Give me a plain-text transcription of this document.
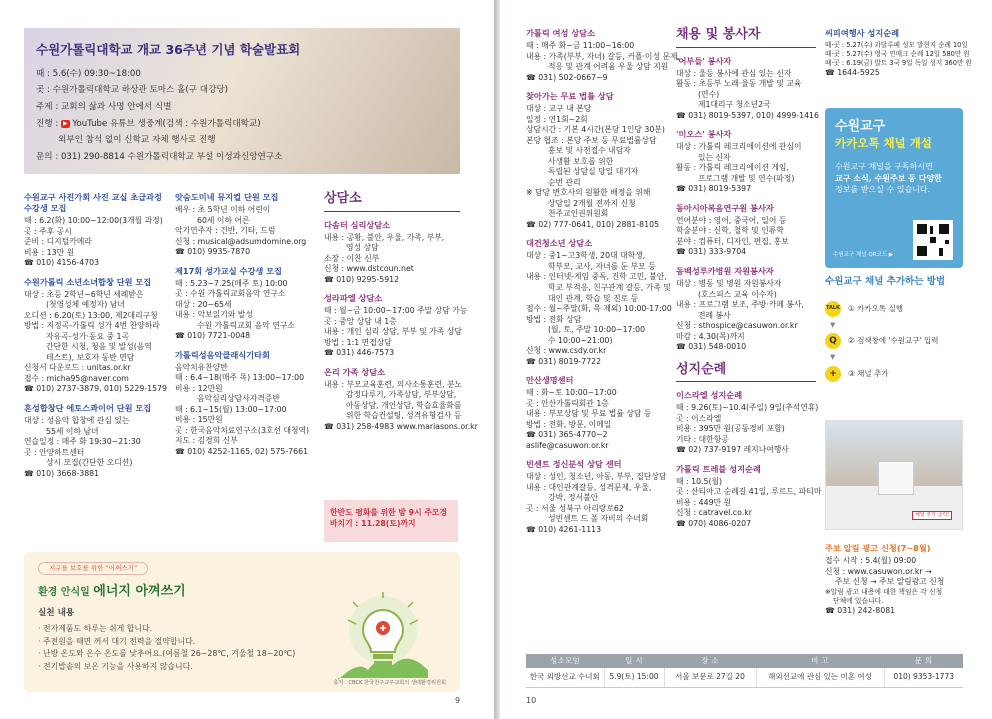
수원가톨릭대학교 개교 36주년 기념 학술발표회
때 : 5.6(수) 09:30~18:00
곳 : 수원가톨릭대학교 하상관 토마스 홀(구 대강당)
주제 : 교회의 삶과 사명 안에서 식별
진행 : ▶ YouTube 유튜브 생중계(검색 : 수원가톨릭대학교)
외부인 참석 없이 신학교 자체 행사로 진행
문의 : 031) 290-8814 수원가톨릭대학교 부설 이성과신앙연구소
수원교구 사진가회 사진 교실 초급과정 수강생 모집
때 : 6.2(화) 10:00~12:00(3개월 과정)
곳 : 주후 공시
준비 : 디지털카메라
비용 : 13만 원
☎ 010) 4156-4703
수원가톨릭 소년소녀합창 단원 모집
대상 : 초등 2학년~6학년 세례받은
(첫영성체 예정자) 남녀
오디션 : 6.20(토) 13:00, 제2대리구청
방법 : 지정곡-가톨릭 성가 4번 찬양하라
자유곡-성가·동요 중 1곡
간단한 시청, 청음 및 발성(음역
테스트), 보호자 동반 면담
신청서 다운로드 : unitas.or.kr
접수 : micha95@naver.com
☎ 010) 2737-3879, 010) 5229-1579
혼성합창단 에토스콰이어 단원 모집
대상 : 성음악 합창에 관심 있는
55세 이하 남녀
연습일정 : 매주 화 19:30~21:30
곳 : 안양하트센터
상시 모집(간단한 오디션)
☎ 010) 3668-3881
앗숨도미네 뮤지컬 단원 모집
배우 : 초 5학년 이하 어린이
60세 이하 어른
악기연주자 : 건반, 기타, 드럼
신청 : musical@adsumdomine.org
☎ 010) 9935-7870
제17회 성가교실 수강생 모집
때 : 5.23~7.25(매주 토) 10:00
곳 : 수원 가톨릭교회음악 연구소
대상 : 20~65세
내용 : 악보읽기와 발성
수원 가톨릭교회 음악 연구소
☎ 010) 7721-0048
가톨릭성음악클래식기타회
음악치유찬양반
때 : 6.4~18(매주 목) 13:00~17:00
비용 : 12만원
음악심리상담사자격증반
때 : 6.1~15(월) 13:00~17:00
비용 : 15만원
곳 : 한국음악치료연구소(3호선 대청역)
지도 : 김경희 신부
☎ 010) 4252-1165, 02) 575-7661
상담소
다솜터 심리상담소
내용 : 공황, 불안, 우울, 가족, 부부,
영성 상담
소장 : 이찬 신부
신청 : www.dstcoun.net
☎ 010) 9295-5912
성라파엘 상담소
때 : 월~금 10:00~17:00 주말 상담 가능
곳 : 중앙 상담 내 1층
내용 : 개인 심리 상담, 부부 및 가족 상담
방법 : 1:1 면접상담
☎ 031) 446-7573
온리 가족 상담소
내용 : 부모교육훈련, 의사소통훈련, 분노
감정다루기, 가족상담, 부부상담,
아동상담, 개인상담, 학습효율화를
위한 학습컨설팅, 성격유형검사 등
☎ 031) 258-4983 www.mariasons.or.kr
한반도 평화를 위한 밤 9시 주모경
바치기 : 11.28(토)까지
지구를 보호를 위한 “어쩌스기”
환경 안식일 에너지 아껴쓰기
실천 내용
· 전자제품도 하루는 쉬게 합니다.
· 주전원을 때면 꺼서 대기 전력을 절약합니다.
· 난방 온도와 온수 온도를 낮추어요.(여름철 26~28℃, 겨울철 18~20℃)
· 전기밥솥의 보온 기능을 사용하지 않습니다.
출처 : CBCK 한국천주교주교회의 생태환경위원회
9
가톨릭 여성 상담소
때 : 매주 화~금 11:00~16:00
내용 : 가족(부부, 자녀) 갈등, 커플·이성 문제,
적응 및 관계 어려움 우울 상담 지원
☎ 031) 502-0667~9
찾아가는 무료 법률 상담
대상 : 교구 내 본당
일정 : 연1회~2회
상담시간 : 기본 4시간(본당 1인당 30분)
본당 협조 : 본당 주보 등 무료법률상담
홍보 및 사전접수 내담자
사생활 보호를 위한
독립된 상담실 당일 대기자
순번 관리
※ 담당 변호사의 원활한 배정을 위해
상담일 2개월 전까지 신청
천주교인권위원회
☎ 02) 777-0641, 010) 2881-8105
대건청소년 상담소
대상 : 중1~고3학생, 20대 대학생,
학부모, 교사, 자녀를 둔 부모 등
내용 : 인터넷-게임 중독, 진학 고민, 불안,
학교 부적응, 친구관계 갈등, 가족 및
대인 관계, 학습 및 진로 등
접수 : 월~주말(화, 목 제외) 10:00-17:00
방법 : 전화 상담
(월, 토, 주말 10:00~17:00
수 10:00~21:00)
신청 : www.csdy.or.kr
☎ 031) 8019-7722
안산생명센터
때 : 화~토 10:00~17:00
곳 : 안산가톨릭회관 1층
내용 : 부모상담 및 무료 법률 상담 등
방법 : 전화, 방문, 이메일
☎ 031) 365-4770~2
aslife@casuwon.or.kr
빈센트 정신분석 상담 센터
대상 : 성인, 청소년, 아동, 부부, 집단상담
내용 : 대인관계갈등, 성격문제, 우울,
강박, 정서불안
곳 : 서울 성북구 아리랑로62
성빈센트 드 폴 자비의 수녀회
☎ 010) 4261-1113
채용 및 봉사자
'어부들' 봉사자
대상 : 울등 봉사에 관심 있는 신자
활동 : 초등부 노래·율동 개발 및 교육
(연수)
제1대리구 청소년2국
☎ 031) 8019-5397, 010) 4999-1416
'미오스' 봉사자
대상 : 가톨릭 레크리에이션에 관심이
있는 신자
활동 : 가톨릭 레크리에이션 게임,
프로그램 개발 및 연수(파정)
☎ 031) 8019-5397
동아시아복음연구원 봉사자
언어분야 : 영어, 중국어, 일어 등
학술분야 : 신학, 철학 및 인류학
분야 : 컴퓨터, 디자인, 편집, 홍보
☎ 031) 333-9704
동백성루카병원 자원봉사자
대상 : 병동 및 병원 자원봉사자
(호스피스 교육 이수자)
내용 : 프로그램 보조, 주방·카페 봉사,
전례 봉사
신청 : sthospice@casuwon.or.kr
마감 : 4.30(목)까지
☎ 031) 548-0010
성지순례
이스라엘 성지순례
때 : 9.26(토)~10.4(주일) 9일(추석연휴)
곳 : 이스라엘
비용 : 395만 원(공동경비 포함)
기타 : 대한항공
☎ 02) 737-9197 레지나여행사
가톨릭 트레블 성지순례
때 : 10.5(월)
곳 : 산티아고 순례길 41일, 루르드, 파티마
비용 : 449만 원
신청 : catravel.co.kr
☎ 070) 4086-0207
씨피여행사 성지순례
때·곳 : 5.27(수) 과달루페 성모 발현지 순례 10일
때·곳 : 5.27(수) 영국 인매크 순례 12일 580만 원
때·곳 : 6.19(금) 발트 3국 9일 독일 성지 360만 원
☎ 1644-5925
수원교구
카카오톡 채널 개설
수원교구 채널을 구독하시면
교구 소식, 수원주보 등 다양한
정보를 받으실 수 있습니다.
수원교구 채널 QR코드 ▶
수원교구 채널 추가하는 방법
TALK ① 카카오톡 실행
▼
Q	② 검색창에 '수원교구' 입력
▼
+	③ 채널 추가
채널 추가 클릭!
주보 알림 광고 신청(7~8월)
접수 시작 : 5.4(월) 09:00
신청 : www.casuwon.or.kr →
주보 신청 → 주보 알림광고 신청
※알림 광고 내용에 대한 책임은 각 신청
단체에 있습니다.
☎ 031) 242-8081
성소모임	일 시	장 소	비 고	문 의
한국 외방선교 수녀회	5.9(토) 15:00	서울 보문로 27길 20	해외선교에 관심 있는 미혼 여성	010) 9353-1773
10
